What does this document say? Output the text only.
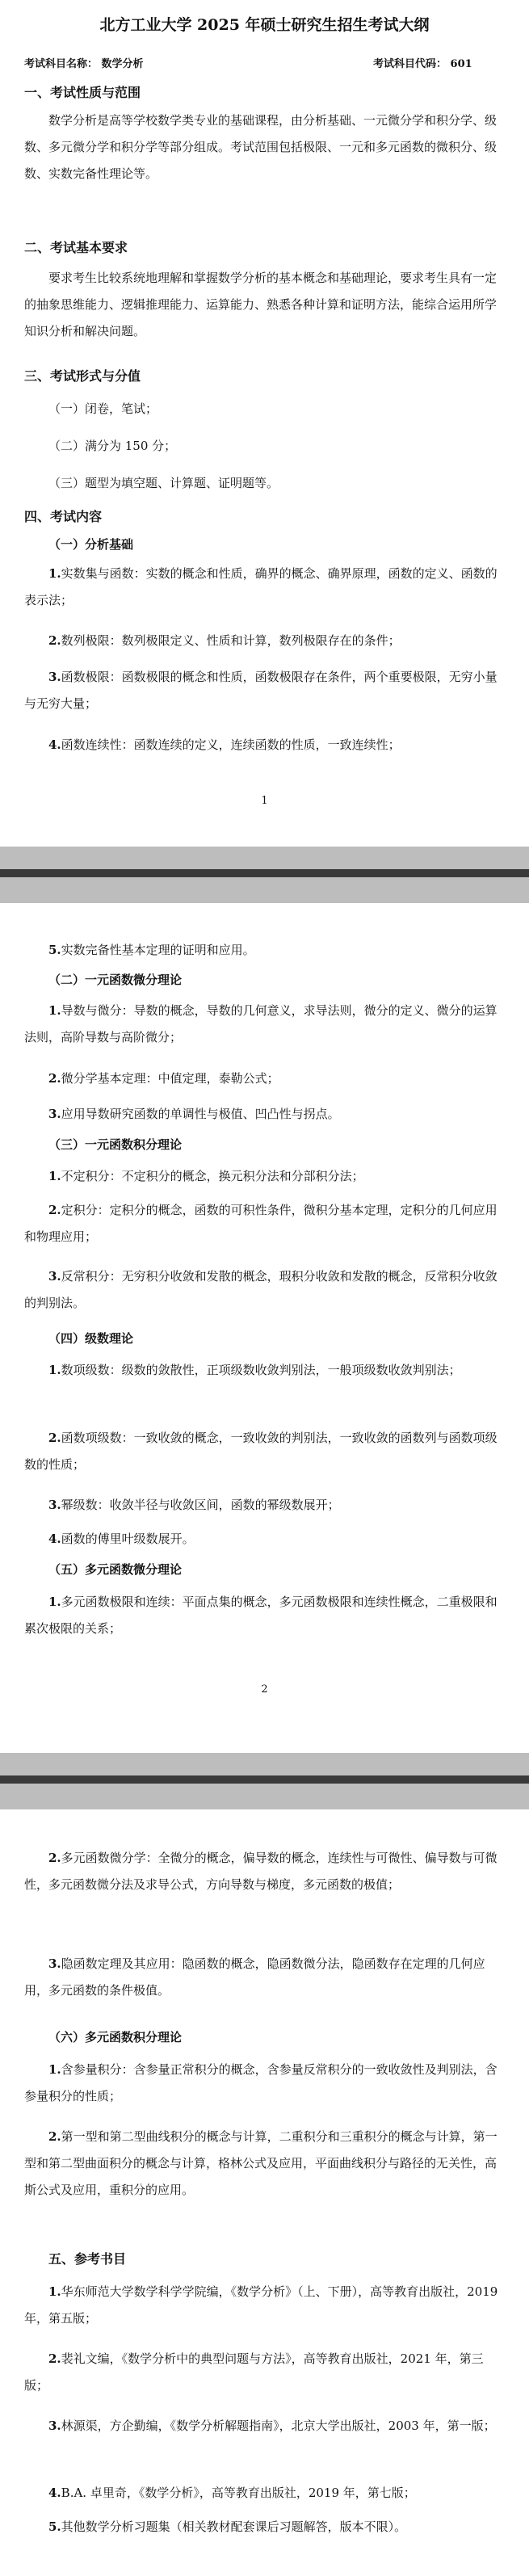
北方工业大学 2025 年硕士研究生招生考试大纲
考试科目名称： 数学分析	考试科目代码： 601
一、考试性质与范围

数学分析是高等学校数学类专业的基础课程，由分析基础、一元微分学和积分学、级数、多元微分学和积分学等部分组成。考试范围包括极限、一元和多元函数的微积分、级数、实数完备性理论等。

二、考试基本要求

要求考生比较系统地理解和掌握数学分析的基本概念和基础理论，要求考生具有一定的抽象思维能力、逻辑推理能力、运算能力、熟悉各种计算和证明方法，能综合运用所学知识分析和解决问题。

三、考试形式与分值
（一）闭卷，笔试；
（二）满分为 150 分；
（三）题型为填空题、计算题、证明题等。
四、考试内容
（一）分析基础

1.实数集与函数：实数的概念和性质，确界的概念、确界原理，函数的定义、函数的表示法；

2.数列极限：数列极限定义、性质和计算，数列极限存在的条件；

3.函数极限：函数极限的概念和性质，函数极限存在条件，两个重要极限，无穷小量与无穷大量；

4.函数连续性：函数连续的定义，连续函数的性质，一致连续性；

1

5.实数完备性基本定理的证明和应用。

（二）一元函数微分理论

1.导数与微分：导数的概念，导数的几何意义，求导法则，微分的定义、微分的运算法则，高阶导数与高阶微分；

2.微分学基本定理：中值定理，泰勒公式；

3.应用导数研究函数的单调性与极值、凹凸性与拐点。

（三）一元函数积分理论

1.不定积分：不定积分的概念，换元积分法和分部积分法；

2.定积分：定积分的概念，函数的可积性条件，微积分基本定理，定积分的几何应用和物理应用；

3.反常积分：无穷积分收敛和发散的概念，瑕积分收敛和发散的概念，反常积分收敛的判别法。

（四）级数理论

1.数项级数：级数的敛散性，正项级数收敛判别法，一般项级数收敛判别法；

2.函数项级数：一致收敛的概念，一致收敛的判别法，一致收敛的函数列与函数项级数的性质；

3.幂级数：收敛半径与收敛区间，函数的幂级数展开；

4.函数的傅里叶级数展开。

（五）多元函数微分理论

1.多元函数极限和连续：平面点集的概念，多元函数极限和连续性概念，二重极限和累次极限的关系；

2

2.多元函数微分学：全微分的概念，偏导数的概念，连续性与可微性、偏导数与可微性，多元函数微分法及求导公式，方向导数与梯度，多元函数的极值；

3.隐函数定理及其应用：隐函数的概念，隐函数微分法，隐函数存在定理的几何应用，多元函数的条件极值。

（六）多元函数积分理论

1.含参量积分：含参量正常积分的概念，含参量反常积分的一致收敛性及判别法，含参量积分的性质；

2.第一型和第二型曲线积分的概念与计算，二重积分和三重积分的概念与计算，第一型和第二型曲面积分的概念与计算，格林公式及应用，平面曲线积分与路径的无关性，高斯公式及应用，重积分的应用。

五、参考书目

1.华东师范大学数学科学学院编，《数学分析》（上、下册），高等教育出版社，2019 年，第五版；

2.裴礼文编，《数学分析中的典型问题与方法》，高等教育出版社，2021 年，第三版；

3.林源渠，方企勤编，《数学分析解题指南》，北京大学出版社，2003 年，第一版；

4.B.A. 卓里奇，《数学分析》，高等教育出版社，2019 年，第七版；

5.其他数学分析习题集（相关教材配套课后习题解答，版本不限）。
